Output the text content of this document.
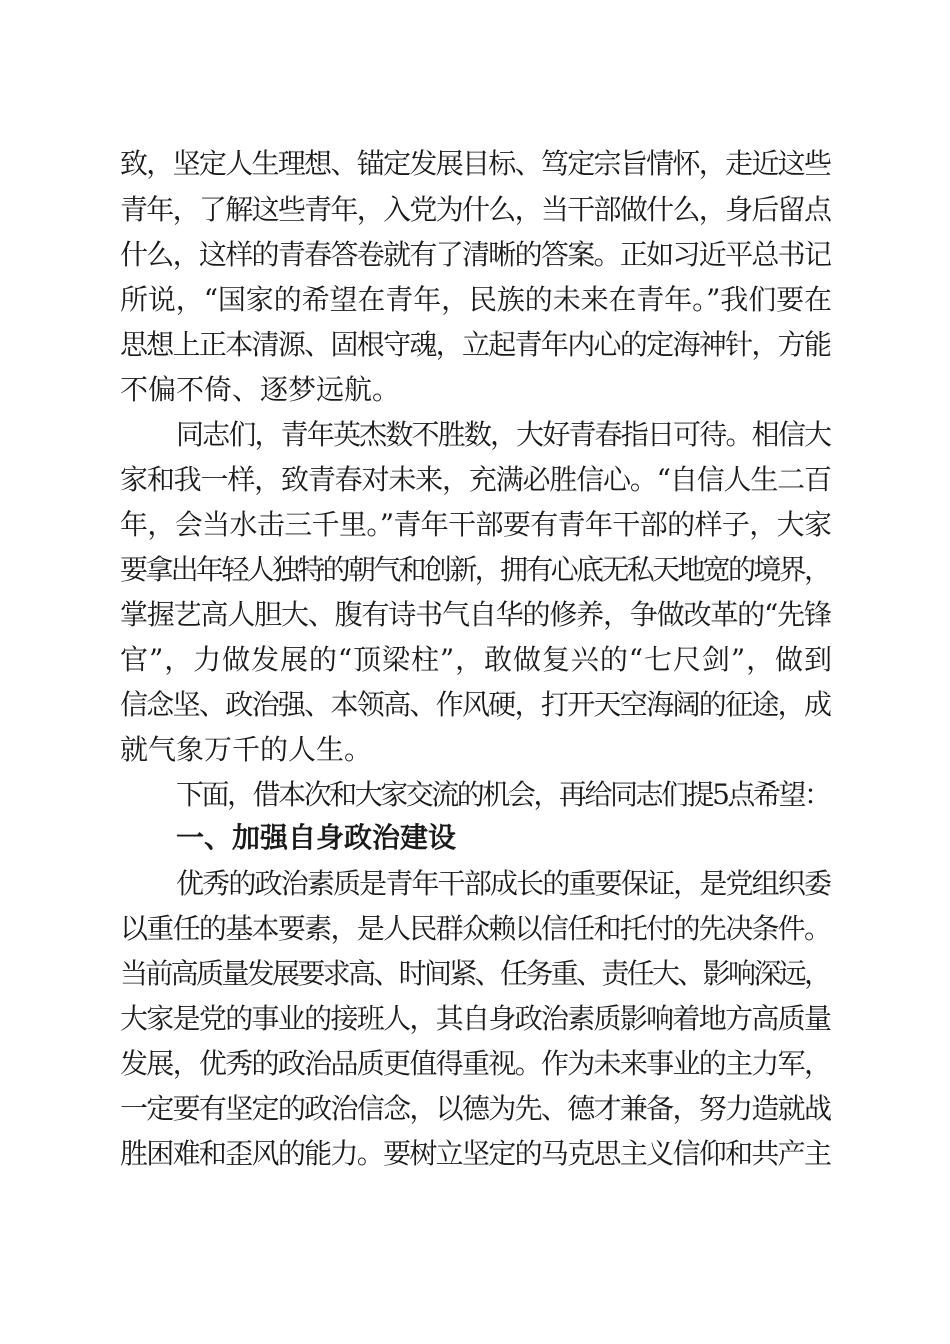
致，坚定人生理想、锚定发展目标、笃定宗旨情怀，走近这些
青年，了解这些青年，入党为什么，当干部做什么，身后留点
什么，这样的青春答卷就有了清晰的答案。正如习近平总书记
所说，“国家的希望在青年，民族的未来在青年。”我们要在
思想上正本清源、固根守魂，立起青年内心的定海神针，方能
不偏不倚、逐梦远航。
同志们，青年英杰数不胜数，大好青春指日可待。相信大
家和我一样，致青春对未来，充满必胜信心。“自信人生二百
年，会当水击三千里。”青年干部要有青年干部的样子，大家
要拿出年轻人独特的朝气和创新，拥有心底无私天地宽的境界，
掌握艺高人胆大、腹有诗书气自华的修养，争做改革的“先锋
官”，力做发展的“顶梁柱”，敢做复兴的“七尺剑”，做到
信念坚、政治强、本领高、作风硬，打开天空海阔的征途，成
就气象万千的人生。
下面，借本次和大家交流的机会，再给同志们提5点希望：
一、加强自身政治建设
优秀的政治素质是青年干部成长的重要保证，是党组织委
以重任的基本要素，是人民群众赖以信任和托付的先决条件。
当前高质量发展要求高、时间紧、任务重、责任大、影响深远，
大家是党的事业的接班人，其自身政治素质影响着地方高质量
发展，优秀的政治品质更值得重视。作为未来事业的主力军，
一定要有坚定的政治信念，以德为先、德才兼备，努力造就战
胜困难和歪风的能力。要树立坚定的马克思主义信仰和共产主
